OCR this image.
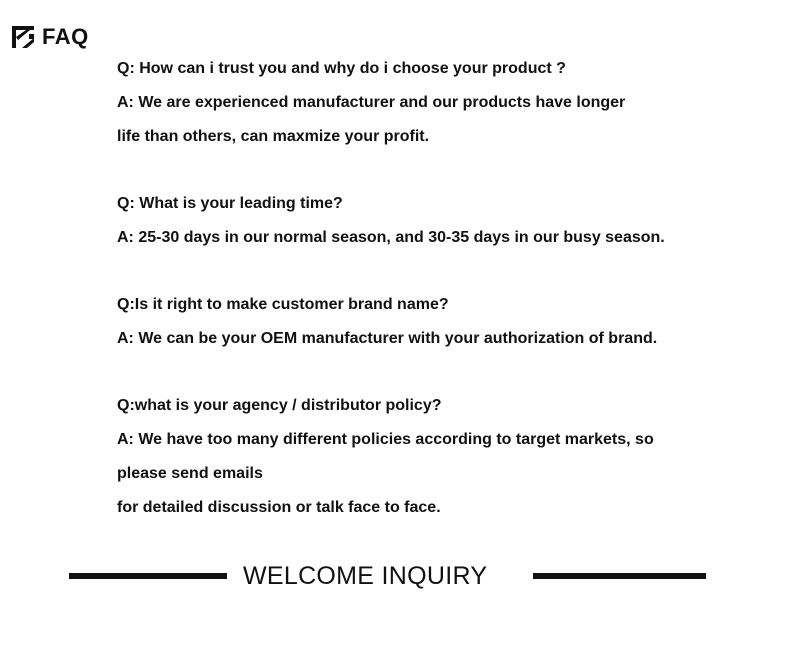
FAQ
Q: How can i trust you and why do i choose your product ?
A: We are experienced manufacturer and our products have longer
life than others, can maxmize your profit.
Q: What is your leading time?
A: 25-30 days in our normal season, and 30-35 days in our busy season.
Q:Is it right to make customer brand name?
A: We can be your OEM manufacturer with your authorization of brand.
Q:what is your agency / distributor policy?
A: We have too many different policies according to target markets, so
please send emails
for detailed discussion or talk face to face.
WELCOME INQUIRY
